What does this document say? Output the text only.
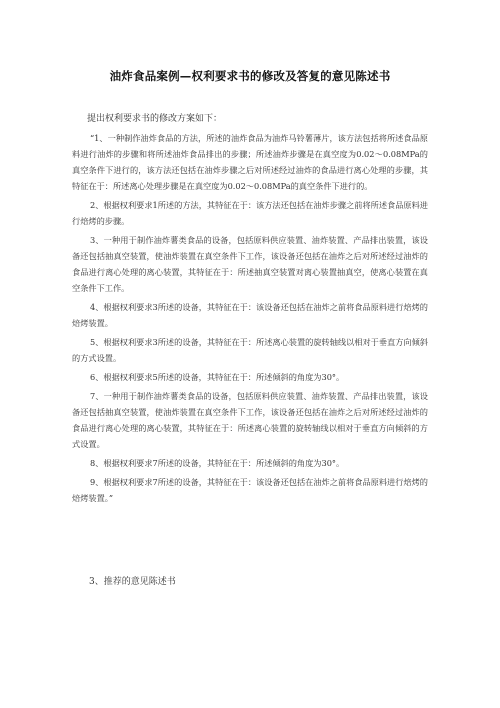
油炸食品案例—权利要求书的修改及答复的意见陈述书
提出权利要求书的修改方案如下：

“1、一种制作油炸食品的方法，所述的油炸食品为油炸马铃薯薄片，该方法包括将所述食品原料进行油炸的步骤和将所述油炸食品排出的步骤；所述油炸步骤是在真空度为0.02～0.08MPa的真空条件下进行的，该方法还包括在油炸步骤之后对所述经过油炸的食品进行离心处理的步骤，其特征在于：所述离心处理步骤是在真空度为0.02～0.08MPa的真空条件下进行的。

2、根据权利要求1所述的方法，其特征在于：该方法还包括在油炸步骤之前将所述食品原料进行焙烤的步骤。

3、一种用于制作油炸薯类食品的设备，包括原料供应装置、油炸装置、产品排出装置，该设备还包括抽真空装置，使油炸装置在真空条件下工作，该设备还包括在油炸之后对所述经过油炸的食品进行离心处理的离心装置，其特征在于：所述抽真空装置对离心装置抽真空，使离心装置在真空条件下工作。

4、根据权利要求3所述的设备，其特征在于：该设备还包括在油炸之前将食品原料进行焙烤的焙烤装置。

5、根据权利要求3所述的设备，其特征在于：所述离心装置的旋转轴线以相对于垂直方向倾斜的方式设置。

6、根据权利要求5所述的设备，其特征在于：所述倾斜的角度为30°。

7、一种用于制作油炸薯类食品的设备，包括原料供应装置、油炸装置、产品排出装置，该设备还包括抽真空装置，使油炸装置在真空条件下工作，该设备还包括在油炸之后对所述经过油炸的食品进行离心处理的离心装置，其特征在于：所述离心装置的旋转轴线以相对于垂直方向倾斜的方式设置。

8、根据权利要求7所述的设备，其特征在于：所述倾斜的角度为30°。

9、根据权利要求7所述的设备，其特征在于：该设备还包括在油炸之前将食品原料进行焙烤的焙烤装置。”

3、推荐的意见陈述书
